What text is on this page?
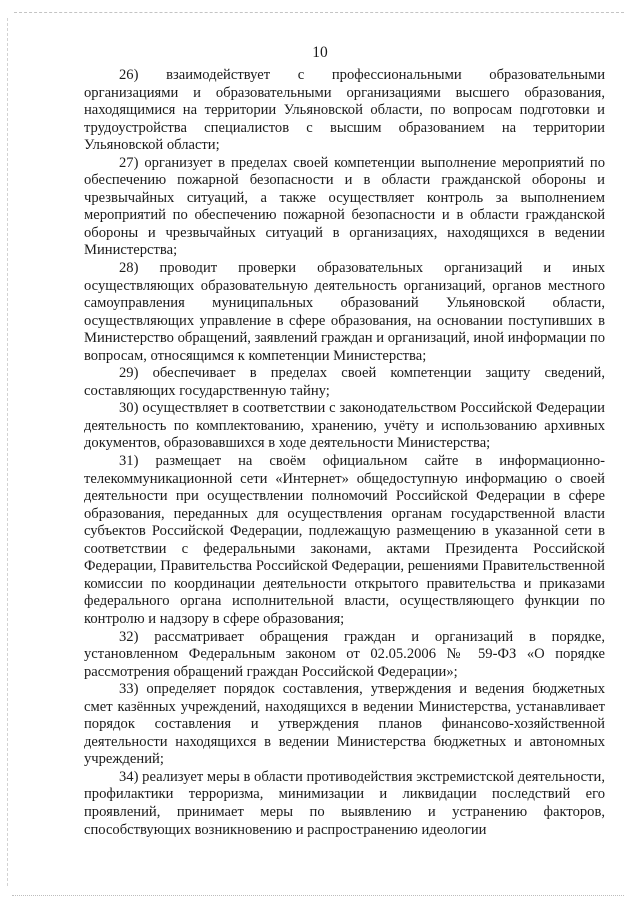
10

26) взаимодействует с профессиональными образовательными организациями и образовательными организациями высшего образования, находящимися на территории Ульяновской области, по вопросам подготовки и трудоустройства специалистов с высшим образованием на территории Ульяновской области;

27) организует в пределах своей компетенции выполнение мероприятий по обеспечению пожарной безопасности и в области гражданской обороны и чрезвычайных ситуаций, а также осуществляет контроль за выполнением мероприятий по обеспечению пожарной безопасности и в области гражданской обороны и чрезвычайных ситуаций в организациях, находящихся в ведении Министерства;

28) проводит проверки образовательных организаций и иных осуществляющих образовательную деятельность организаций, органов местного самоуправления муниципальных образований Ульяновской области, осуществляющих управление в сфере образования, на основании поступивших в Министерство обращений, заявлений граждан и организаций, иной информации по вопросам, относящимся к компетенции Министерства;

29) обеспечивает в пределах своей компетенции защиту сведений, составляющих государственную тайну;

30) осуществляет в соответствии с законодательством Российской Федерации деятельность по комплектованию, хранению, учёту и использованию архивных документов, образовавшихся в ходе деятельности Министерства;

31) размещает на своём официальном сайте в информационно-телекоммуникационной сети «Интернет» общедоступную информацию о своей деятельности при осуществлении полномочий Российской Федерации в сфере образования, переданных для осуществления органам государственной власти субъектов Российской Федерации, подлежащую размещению в указанной сети в соответствии с федеральными законами, актами Президента Российской Федерации, Правительства Российской Федерации, решениями Правительственной комиссии по координации деятельности открытого правительства и приказами федерального органа исполнительной власти, осуществляющего функции по контролю и надзору в сфере образования;

32) рассматривает обращения граждан и организаций в порядке, установленном Федеральным законом от 02.05.2006 № 59-ФЗ «О порядке рассмотрения обращений граждан Российской Федерации»;

33) определяет порядок составления, утверждения и ведения бюджетных смет казённых учреждений, находящихся в ведении Министерства, устанавливает порядок составления и утверждения планов финансово-хозяйственной деятельности находящихся в ведении Министерства бюджетных и автономных учреждений;

34) реализует меры в области противодействия экстремистской деятельности, профилактики терроризма, минимизации и ликвидации последствий его проявлений, принимает меры по выявлению и устранению факторов, способствующих возникновению и распространению идеологии
